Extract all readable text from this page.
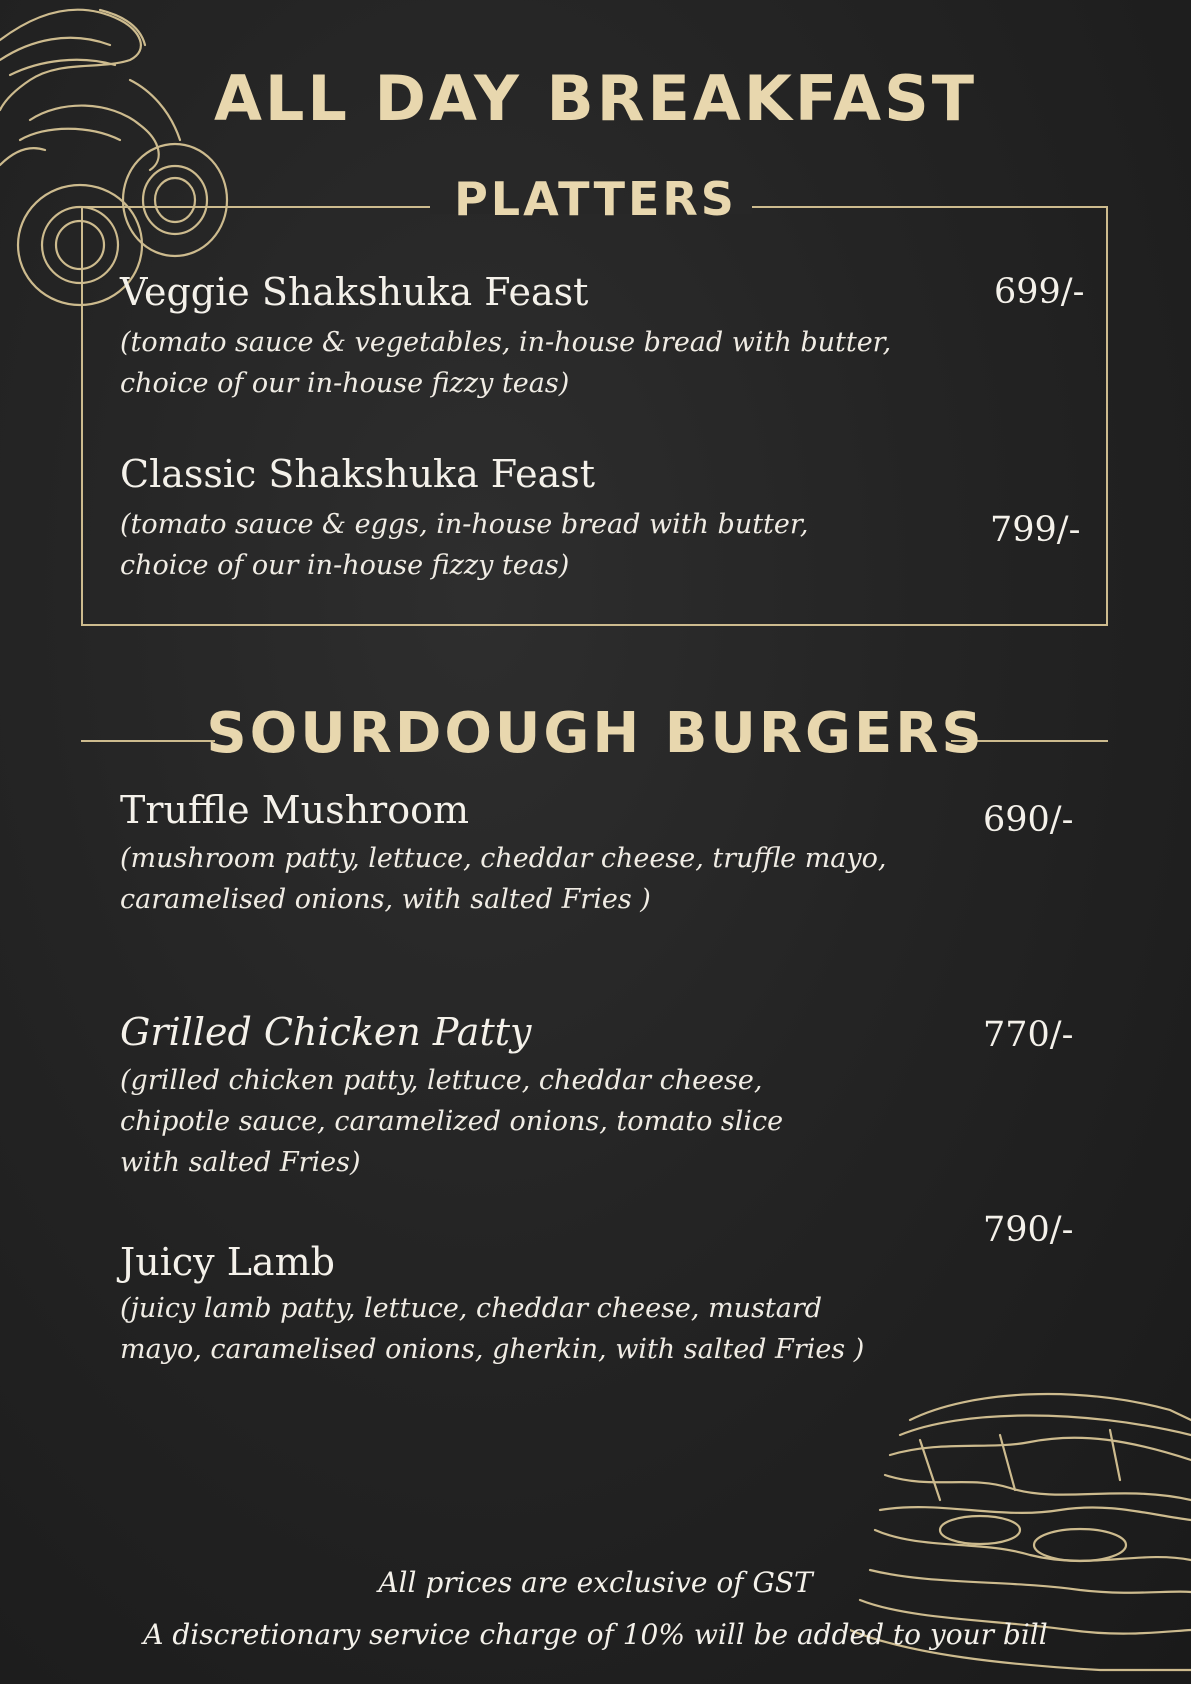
ALL DAY BREAKFAST
PLATTERS

Veggie Shakshuka Feast

(tomato sauce & vegetables, in-house bread with butter,
choice of our in-house fizzy teas)

699/-

Classic Shakshuka Feast

(tomato sauce & eggs, in-house bread with butter,
choice of our in-house fizzy teas)

799/-

SOURDOUGH BURGERS

Truffle Mushroom

(mushroom patty, lettuce, cheddar cheese, truffle mayo,
caramelised onions, with salted Fries )

690/-

Grilled Chicken Patty

(grilled chicken patty, lettuce, cheddar cheese,
chipotle sauce, caramelized onions, tomato slice
with salted Fries)

770/-

Juicy Lamb

(juicy lamb patty, lettuce, cheddar cheese, mustard
mayo, caramelised onions, gherkin, with salted Fries )

790/-

All prices are exclusive of GST

A discretionary service charge of 10% will be added to your bill
